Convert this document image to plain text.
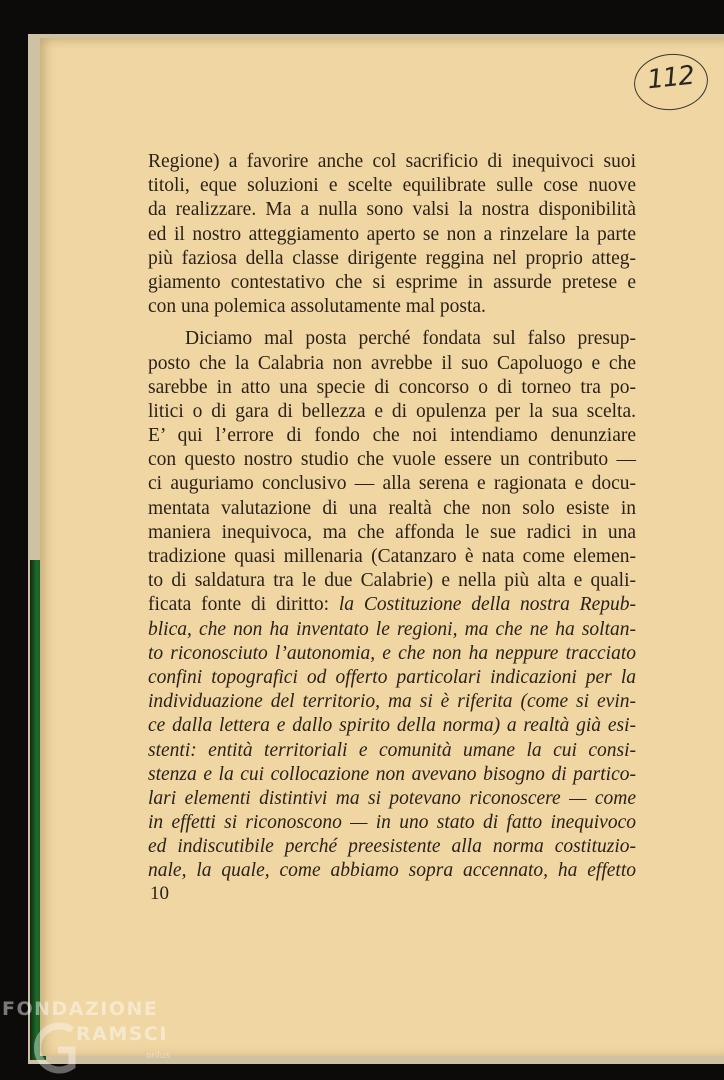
112
Regione) a favorire anche col sacrificio di inequivoci suoi
titoli, eque soluzioni e scelte equilibrate sulle cose nuove
da realizzare. Ma a nulla sono valsi la nostra disponibilità
ed il nostro atteggiamento aperto se non a rinzelare la parte
più faziosa della classe dirigente reggina nel proprio atteg-
giamento contestativo che si esprime in assurde pretese e
con una polemica assolutamente mal posta.
Diciamo mal posta perché fondata sul falso presup-
posto che la Calabria non avrebbe il suo Capoluogo e che
sarebbe in atto una specie di concorso o di torneo tra po-
litici o di gara di bellezza e di opulenza per la sua scelta.
E’ qui l’errore di fondo che noi intendiamo denunziare
con questo nostro studio che vuole essere un contributo —
ci auguriamo conclusivo — alla serena e ragionata e docu-
mentata valutazione di una realtà che non solo esiste in
maniera inequivoca, ma che affonda le sue radici in una
tradizione quasi millenaria (Catanzaro è nata come elemen-
to di saldatura tra le due Calabrie) e nella più alta e quali-
ficata fonte di diritto: la Costituzione della nostra Repub-
blica, che non ha inventato le regioni, ma che ne ha soltan-
to riconosciuto l’autonomia, e che non ha neppure tracciato
confini topografici od offerto particolari indicazioni per la
individuazione del territorio, ma si è riferita (come si evin-
ce dalla lettera e dallo spirito della norma) a realtà già esi-
stenti: entità territoriali e comunità umane la cui consi-
stenza e la cui collocazione non avevano bisogno di partico-
lari elementi distintivi ma si potevano riconoscere — come
in effetti si riconoscono — in uno stato di fatto inequivoco
ed indiscutibile perché preesistente alla norma costituzio-
nale, la quale, come abbiamo sopra accennato, ha effetto
10
FONDAZIONE
RAMSCI
onlus
